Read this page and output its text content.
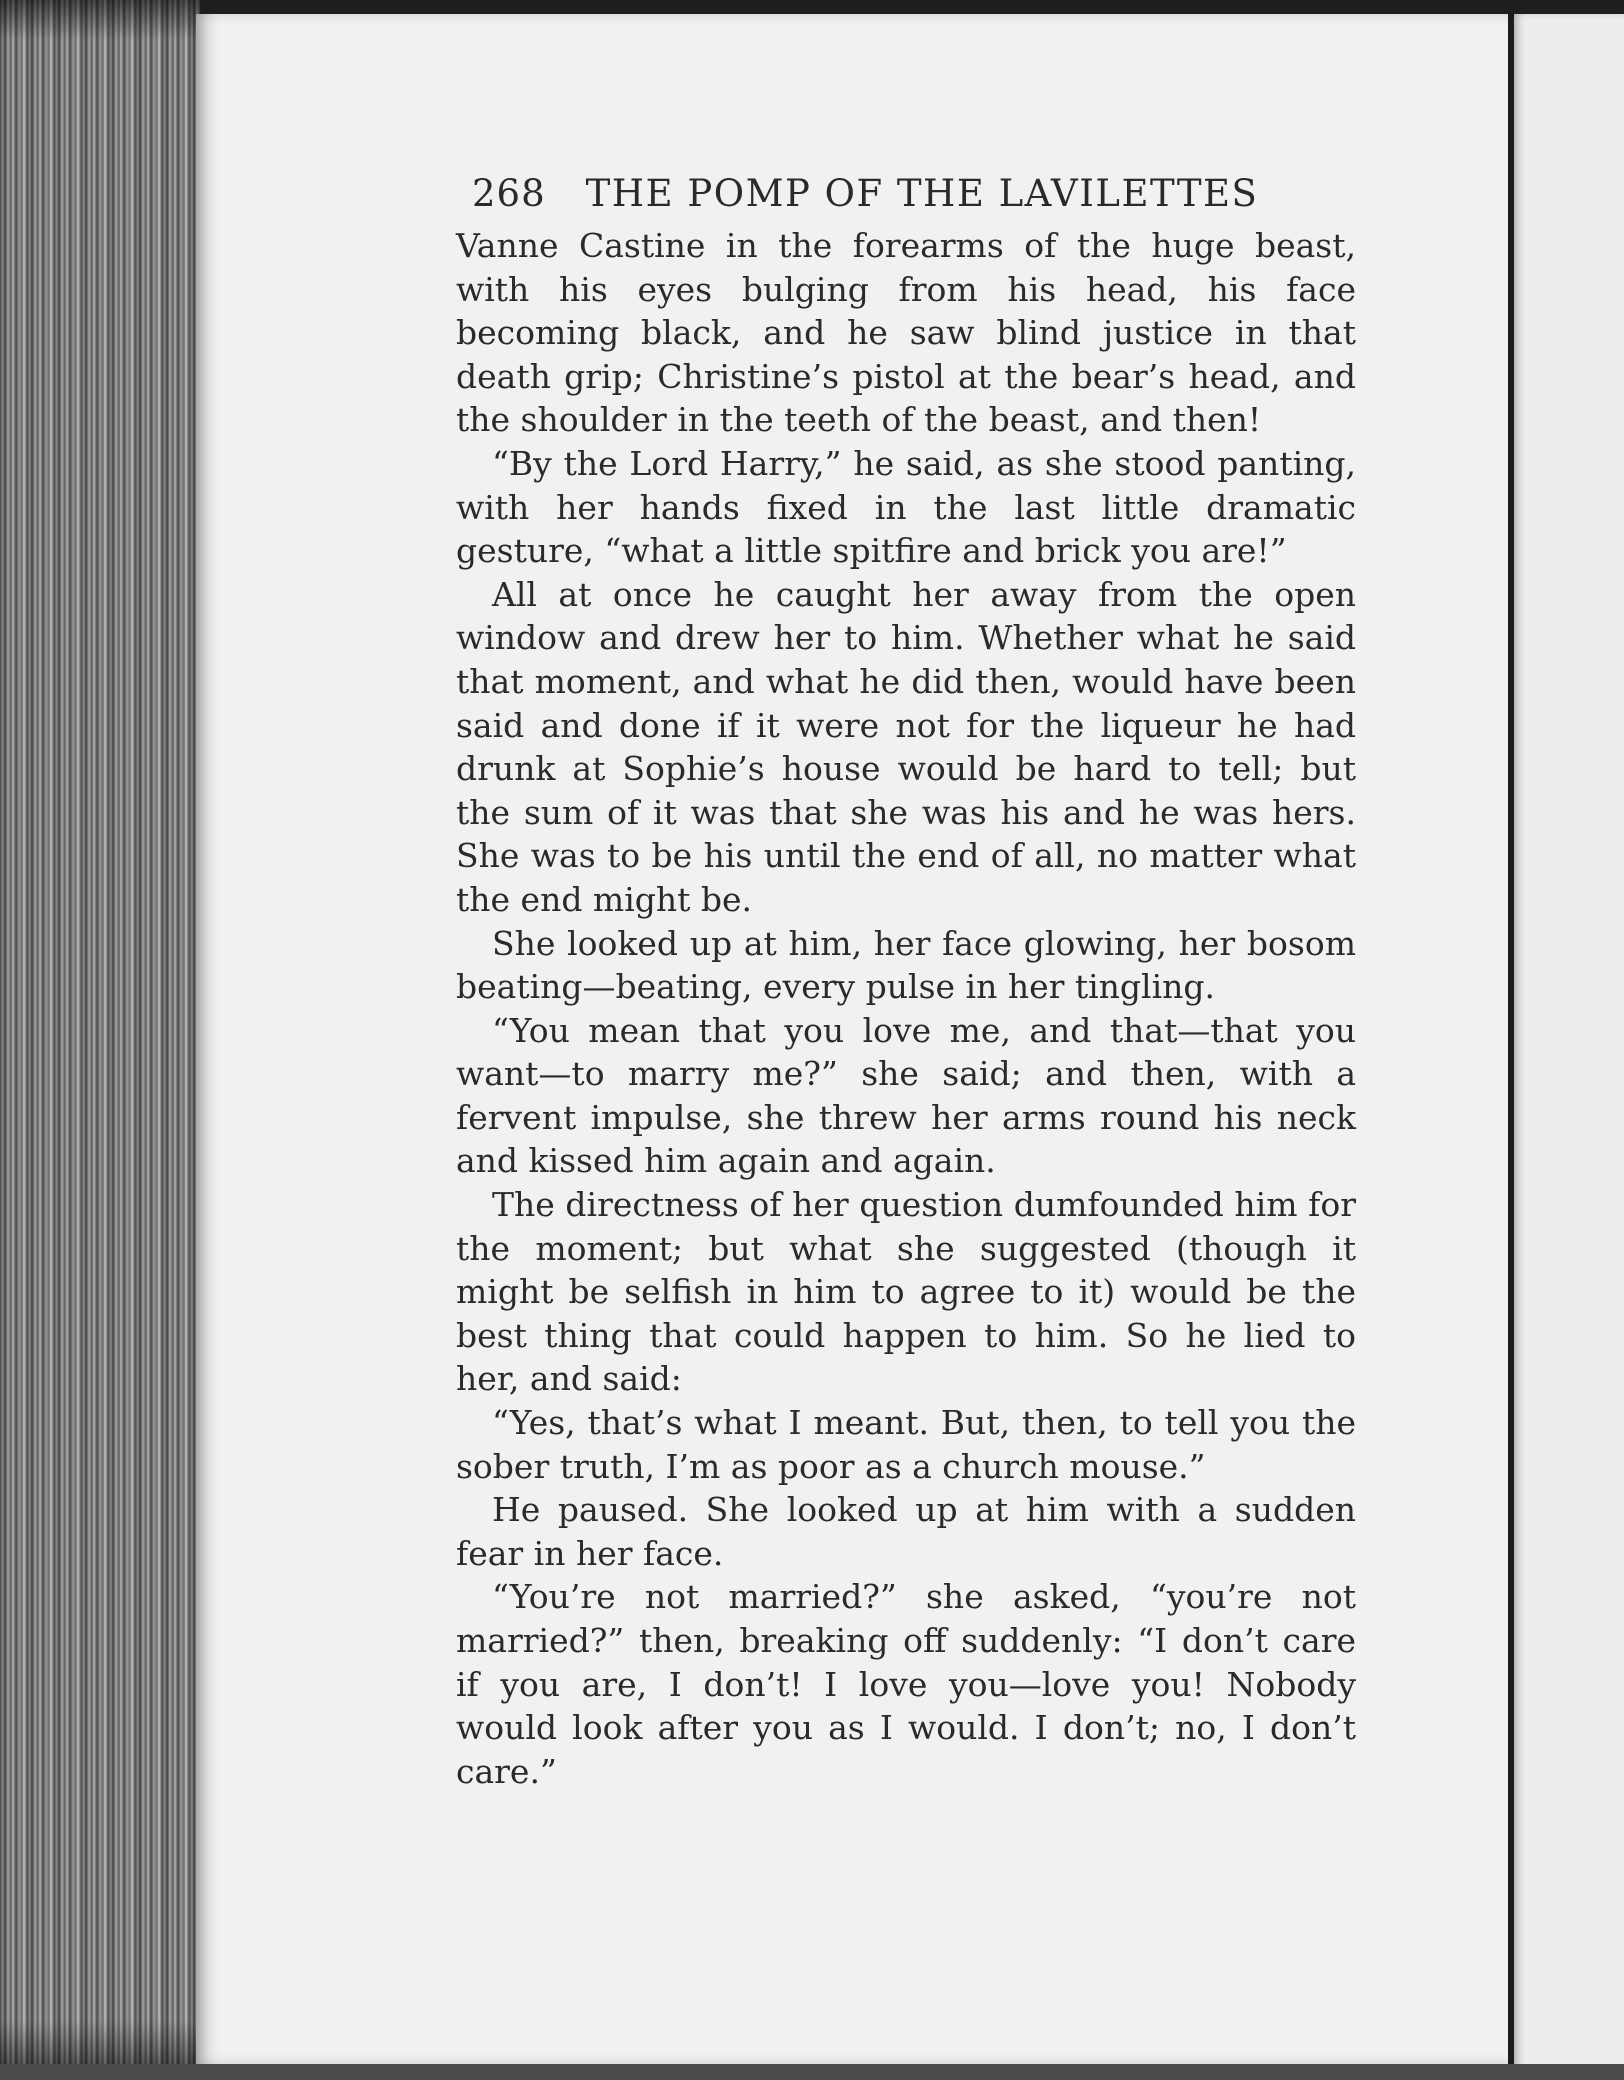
268 THE POMP OF THE LAVILETTES

Vanne Castine in the forearms of the huge beast, with his eyes bulging from his head, his face becoming black, and he saw blind justice in that death grip; Christine’s pistol at the bear’s head, and the shoulder in the teeth of the beast, and then!

“By the Lord Harry,” he said, as she stood panting, with her hands fixed in the last little dramatic gesture, “what a little spitfire and brick you are!”

All at once he caught her away from the open window and drew her to him. Whether what he said that moment, and what he did then, would have been said and done if it were not for the liqueur he had drunk at Sophie’s house would be hard to tell; but the sum of it was that she was his and he was hers. She was to be his until the end of all, no matter what the end might be.

She looked up at him, her face glowing, her bosom beating—beating, every pulse in her tingling.

“You mean that you love me, and that—that you want—to marry me?” she said; and then, with a fervent impulse, she threw her arms round his neck and kissed him again and again.

The directness of her question dumfounded him for the moment; but what she suggested (though it might be selfish in him to agree to it) would be the best thing that could happen to him. So he lied to her, and said:

“Yes, that’s what I meant. But, then, to tell you the sober truth, I’m as poor as a church mouse.”

He paused. She looked up at him with a sudden fear in her face.

“You’re not married?” she asked, “you’re not married?” then, breaking off suddenly: “I don’t care if you are, I don’t! I love you—love you! Nobody would look after you as I would. I don’t; no, I don’t care.”
